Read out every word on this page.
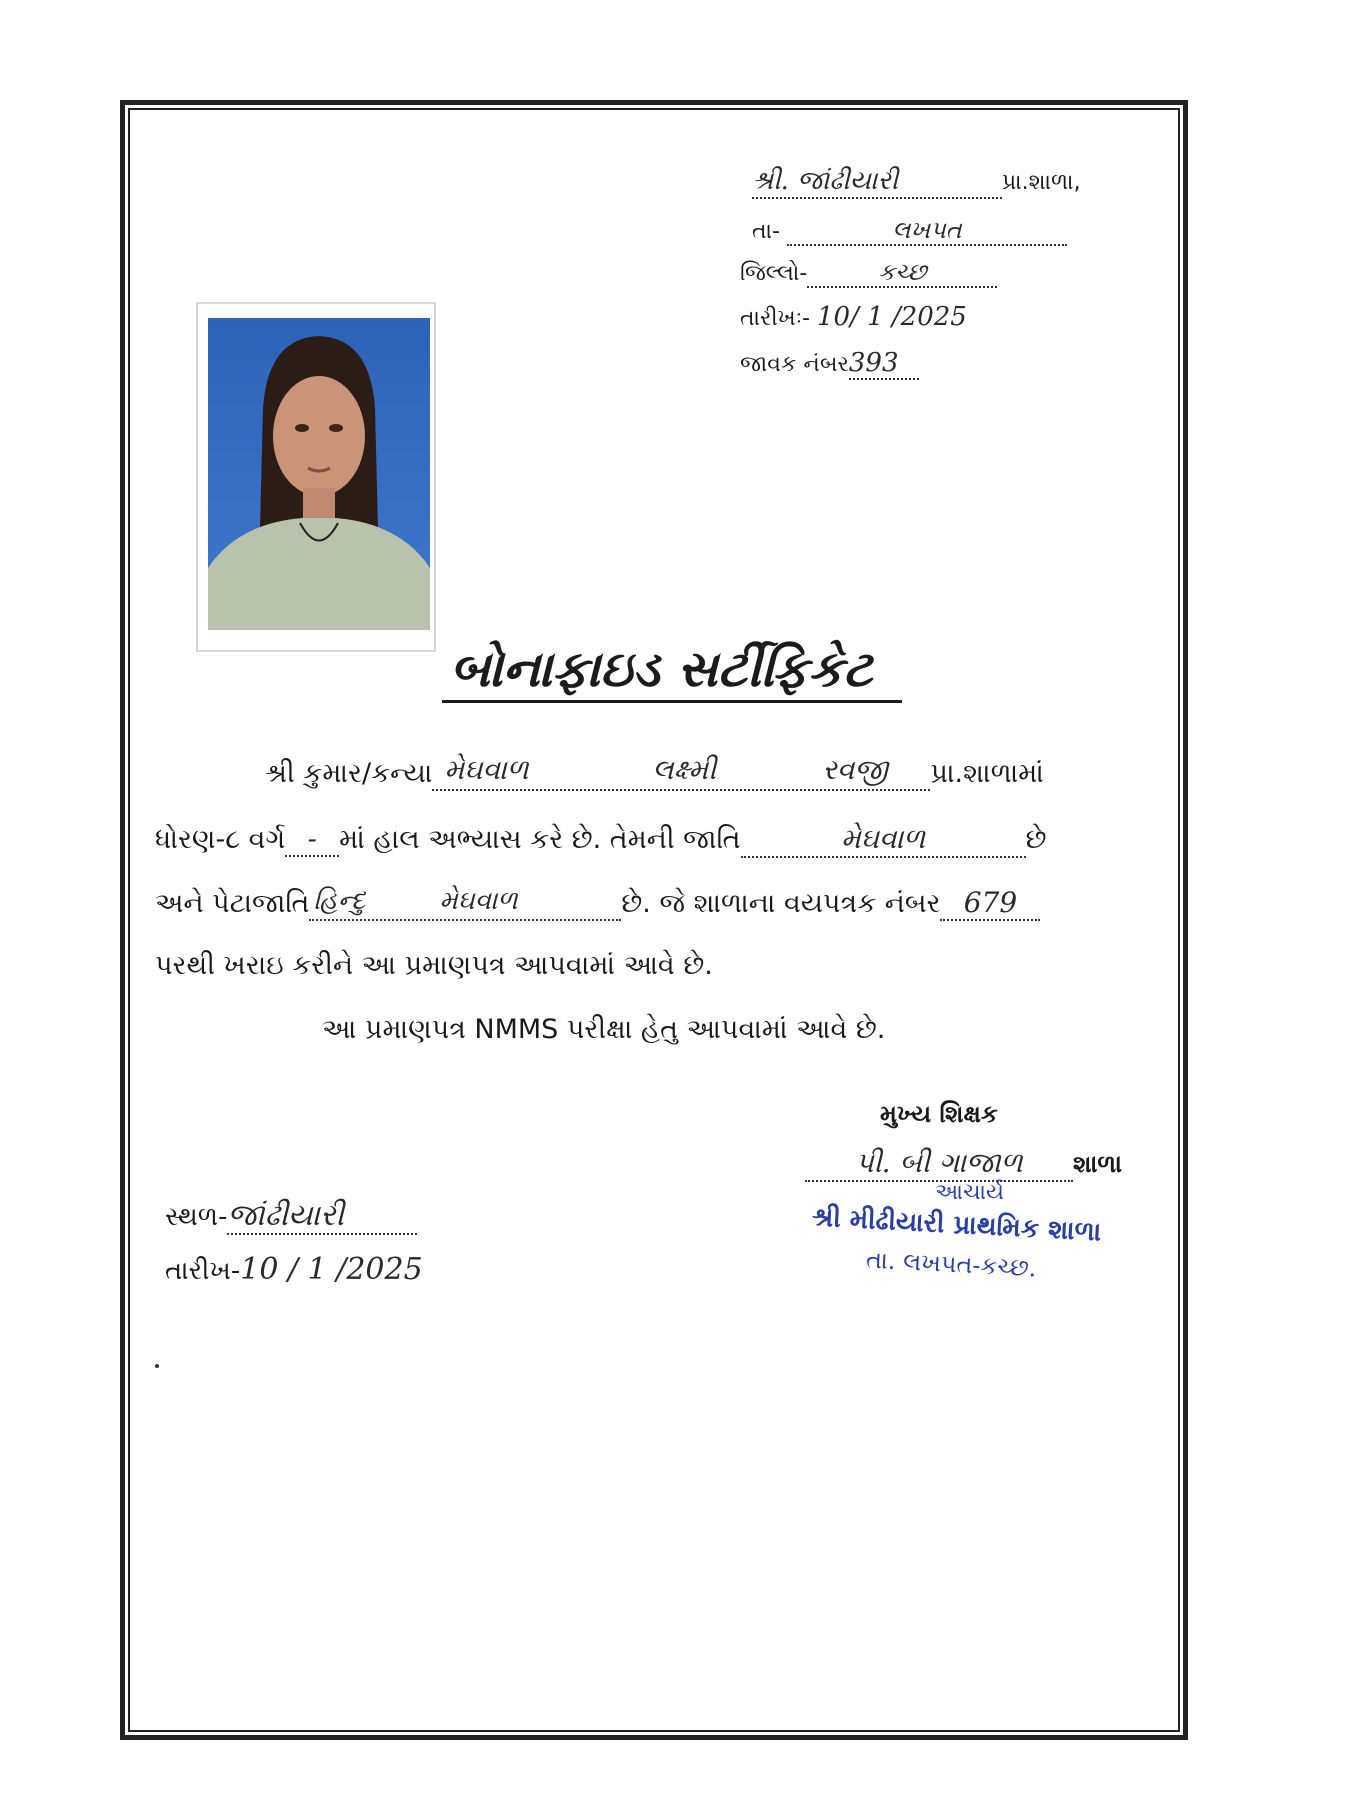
શ્રી. જાંઢીયારી	પ્રા.શાળા,
તા-	લખપત
જિલ્લો-	કચ્છ
તારીખઃ- 10/ 1 /2025
જાવક નંબર393
બોનાફાઇડ સર્ટીફિકેટ
શ્રી કુમાર/કન્યા મેઘવાળ	લક્ષ્મી	રવજી પ્રા.શાળામાં
ધોરણ-૮ વર્ગ - માં હાલ અભ્યાસ કરે છે. તેમની જાતિ	મેઘવાળ	છે
અને પેટાજાતિ હિન્દુ	મેઘવાળ	છે. જે શાળાના વયપત્રક નંબર 679
પરથી ખરાઇ કરીને આ પ્રમાણપત્ર આપવામાં આવે છે.
આ પ્રમાણપત્ર NMMS પરીક્ષા હેતુ આપવામાં આવે છે.
મુખ્ય શિક્ષક
પી. બી ગાજાળ શાળા
આચાર્ય
શ્રી મીઢીયારી પ્રાથમિક શાળા
તા. લખપત-કચ્છ.
સ્થળ-જાંઢીયારી
તારીખ-10 / 1 /2025
